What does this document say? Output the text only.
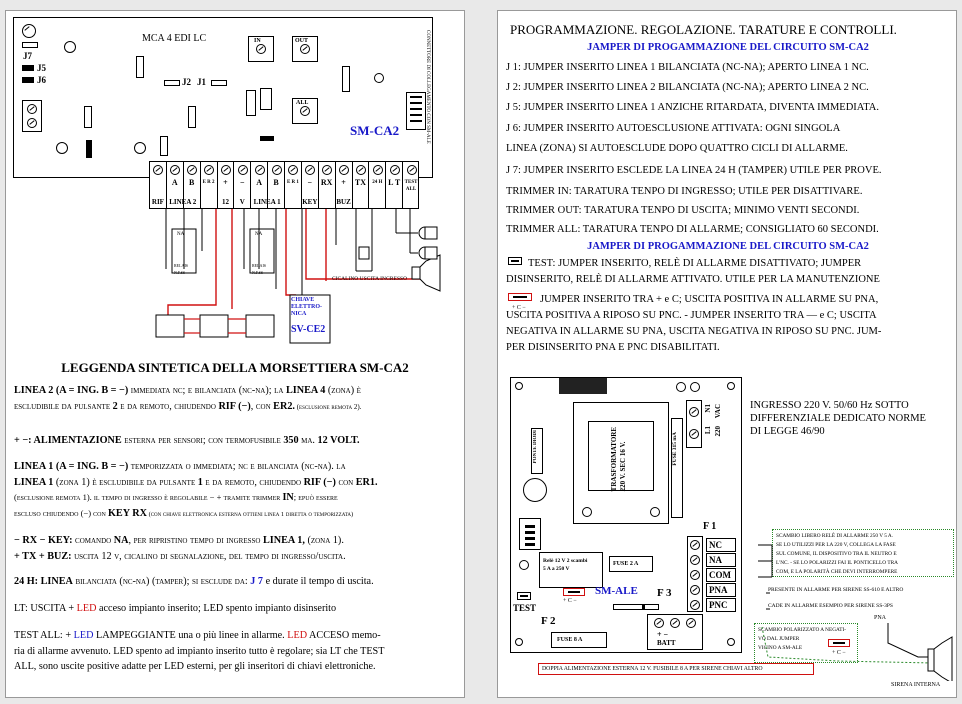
J7
J5
J6
MCA 4 EDI LC
J2 J1
IN	OUT
ALL
SM-CA2	CONNETTORE DI COLLEGAMENTO CON SM-ALE
RIF
A
LINEA 2
B	E R 2	+
12
−
V
A
LINEA 1
B	E R 1	−
KEY
RX	+
BUZ
TX	24 H L T TEST ALL
NA
RELAIS
N.F.SS
NA
RELAIS
N.F.SS
CICALINO USCITA INGRESSO
CHIAVE
ELETTRO-
NICA
SV-CE2
LEGGENDA SINTETICA DELLA MORSETTIERA SM-CA2

LINEA 2 (A = ING. B = −) immediata nc; e bilanciata (nc-na); la LINEA 4 (zona) è
escludibile da pulsante 2 e da remoto, chiudendo RIF (−), con ER2. (esclusione remota 2).

+ −: ALIMENTAZIONE esterna per sensori; con termofusibile 350 ma. 12 VOLT.

LINEA 1 (A = ING. B = −) temporizzata o immediata; nc e bilanciata (nc-na). la
LINEA 1 (zona 1) è escludibile da pulsante 1 e da remoto, chiudendo RIF (−) con ER1.
(esclusione remota 1). il tempo di ingresso è regolabile − + tramite trimmer IN; epuò essere
escluso chiudendo (−) con KEY RX (con chiave elettronica esterna ottieni linea 1 diretta o temporizzata)

− RX − KEY: comando NA, per ripristino tempo di ingresso LINEA 1, (zona 1).
+ TX + BUZ: uscita 12 v, cicalino di segnalazione, del tempo di ingresso/uscita.

24 H: LINEA bilanciata (nc-na) (tamper); si esclude da: J 7 e durate il tempo di uscita.

LT: USCITA + LED acceso impianto inserito; LED spento impianto disinserito

TEST ALL: + LED LAMPEGGIANTE una o più linee in allarme. LED ACCESO memo-
ria di allarme avvenuto. LED spento ad impianto inserito tutto è regolare; sia LT che TEST
ALL, sono uscite positive adatte per LED esterni, per gli inseritori di chiavi elettroniche.

PROGRAMMAZIONE. REGOLAZIONE. TARATURE E CONTROLLI.

JAMPER DI PROGAMMAZIONE DEL CIRCUITO SM-CA2

J 1: JUMPER INSERITO LINEA 1 BILANCIATA (NC-NA); APERTO LINEA 1 NC.

J 2: JUMPER INSERITO LINEA 2 BILANCIATA (NC-NA); APERTO LINEA 2 NC.

J 5: JUMPER INSERITO LINEA 1 ANZICHE RITARDATA, DIVENTA IMMEDIATA.

J 6: JUMPER INSERITO AUTOESCLUSIONE ATTIVATA: OGNI SINGOLA

LINEA (ZONA) SI AUTOESCLUDE DOPO QUATTRO CICLI DI ALLARME.

J 7: JUMPER INSERITO ESCLEDE LA LINEA 24 H (TAMPER) UTILE PER PROVE.

TRIMMER IN: TARATURA TENPO DI INGRESSO; UTILE PER DISATTIVARE.

TRIMMER OUT: TARATURA TENPO DI USCITA; MINIMO VENTI SECONDI.

TRIMMER ALL: TARATURA TENPO DI ALLARME; CONSIGLIATO 60 SECONDI.

JAMPER DI PROGAMMAZIONE DEL CIRCUITO SM-CA2

TEST: JUMPER INSERITO, RELÈ DI ALLARME DISATTIVATO; JUMPER

DISINSERITO, RELÈ DI ALLARME ATTIVATO. UTILE PER LA MANUTENZIONE

JUMPER INSERITO TRA + e C; USCITA POSITIVA IN ALLARME SU PNA,

USCITA POSITIVA A RIPOSO SU PNC. - JUMPER INSERITO TRA — e C; USCITA

NEGATIVA IN ALLARME SU PNA, USCITA NEGATIVA IN RIPOSO SU PNC. JUM-

PER DISINSERITO PNA E PNC DISABILITATI.

+ C −
TRASFORMATORE
220 V. SEC 16 V.
PONTE DIODI	FUSE 315 mA
N1
L1 220
VAC
F 1
NC
NA
COM
PNA
PNC
Relè 12 V 2 scambi
5 A a 250 V
FUSE 2 A
SM-ALE F 3
+ C −
TEST
F 2
FUSE 8 A
+ −
BATT
INGRESSO 220 V. 50/60 Hz SOTTO
DIFFERENZIALE DEDICATO NORME
DI LEGGE 46/90
SCAMBIO LIBERO RELÈ DI ALLARME 250 V 5 A.
SE LO UTILIZZI PER LA 220 V, COLLEGA LA FASE
SUL COMUNE, IL DISPOSITIVO TRA IL NEUTRO E
L'NC. - SE LO POLARIZZI FAI IL PONTICELLO TRA
COM, E LA POLARITÀ CHE DEVI INTERROMPERE
PRESENTE IN ALLARME PER SIRENE SS-610 E ALTRO
CADE IN ALLARME ESEMPIO PER SIRENE SS-3PS
SCAMBIO POLARIZZATO A NEGATI-
VO DAL JUMPER
VICINO A SM-ALE
+ C −
PNA
SIRENA INTERNA
DOPPIA ALIMENTAZIONE ESTERNA 12 V. FUSIBILE 8 A PER SIRENE CHIAVI ALTRO
